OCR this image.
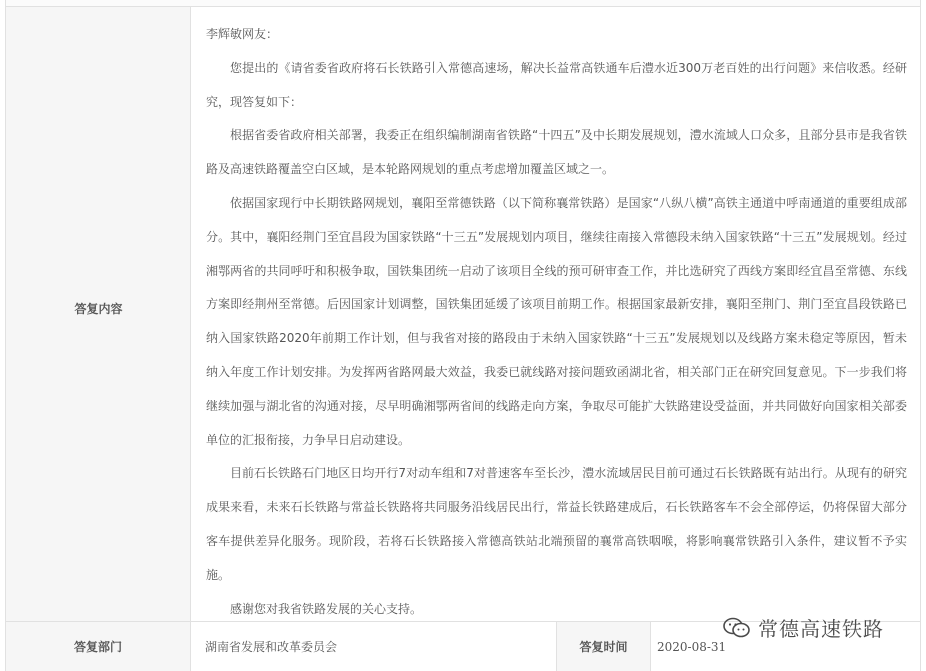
答复内容

李辉敏网友：

您提出的《请省委省政府将石长铁路引入常德高速场，解决长益常高铁通车后澧水近300万老百姓的出行问题》来信收悉。经研究，现答复如下：

根据省委省政府相关部署，我委正在组织编制湖南省铁路“十四五”及中长期发展规划，澧水流域人口众多，且部分县市是我省铁路及高速铁路覆盖空白区域，是本轮路网规划的重点考虑增加覆盖区域之一。

依据国家现行中长期铁路网规划，襄阳至常德铁路（以下简称襄常铁路）是国家“八纵八横”高铁主通道中呼南通道的重要组成部分。其中，襄阳经荆门至宜昌段为国家铁路“十三五”发展规划内项目，继续往南接入常德段未纳入国家铁路“十三五”发展规划。经过湘鄂两省的共同呼吁和积极争取，国铁集团统一启动了该项目全线的预可研审查工作，并比选研究了西线方案即经宜昌至常德、东线方案即经荆州至常德。后因国家计划调整，国铁集团延缓了该项目前期工作。根据国家最新安排，襄阳至荆门、荆门至宜昌段铁路已纳入国家铁路2020年前期工作计划，但与我省对接的路段由于未纳入国家铁路“十三五”发展规划以及线路方案未稳定等原因，暂未纳入年度工作计划安排。为发挥两省路网最大效益，我委已就线路对接问题致函湖北省，相关部门正在研究回复意见。下一步我们将继续加强与湖北省的沟通对接，尽早明确湘鄂两省间的线路走向方案，争取尽可能扩大铁路建设受益面，并共同做好向国家相关部委单位的汇报衔接，力争早日启动建设。

目前石长铁路石门地区日均开行7对动车组和7对普速客车至长沙，澧水流域居民目前可通过石长铁路既有站出行。从现有的研究成果来看，未来石长铁路与常益长铁路将共同服务沿线居民出行，常益长铁路建成后，石长铁路客车不会全部停运，仍将保留大部分客车提供差异化服务。现阶段，若将石长铁路接入常德高铁站北端预留的襄常高铁咽喉，将影响襄常铁路引入条件，建议暂不予实施。

感谢您对我省铁路发展的关心支持。

答复部门	湖南省发展和改革委员会	答复时间 2020-08-31
常德高速铁路
